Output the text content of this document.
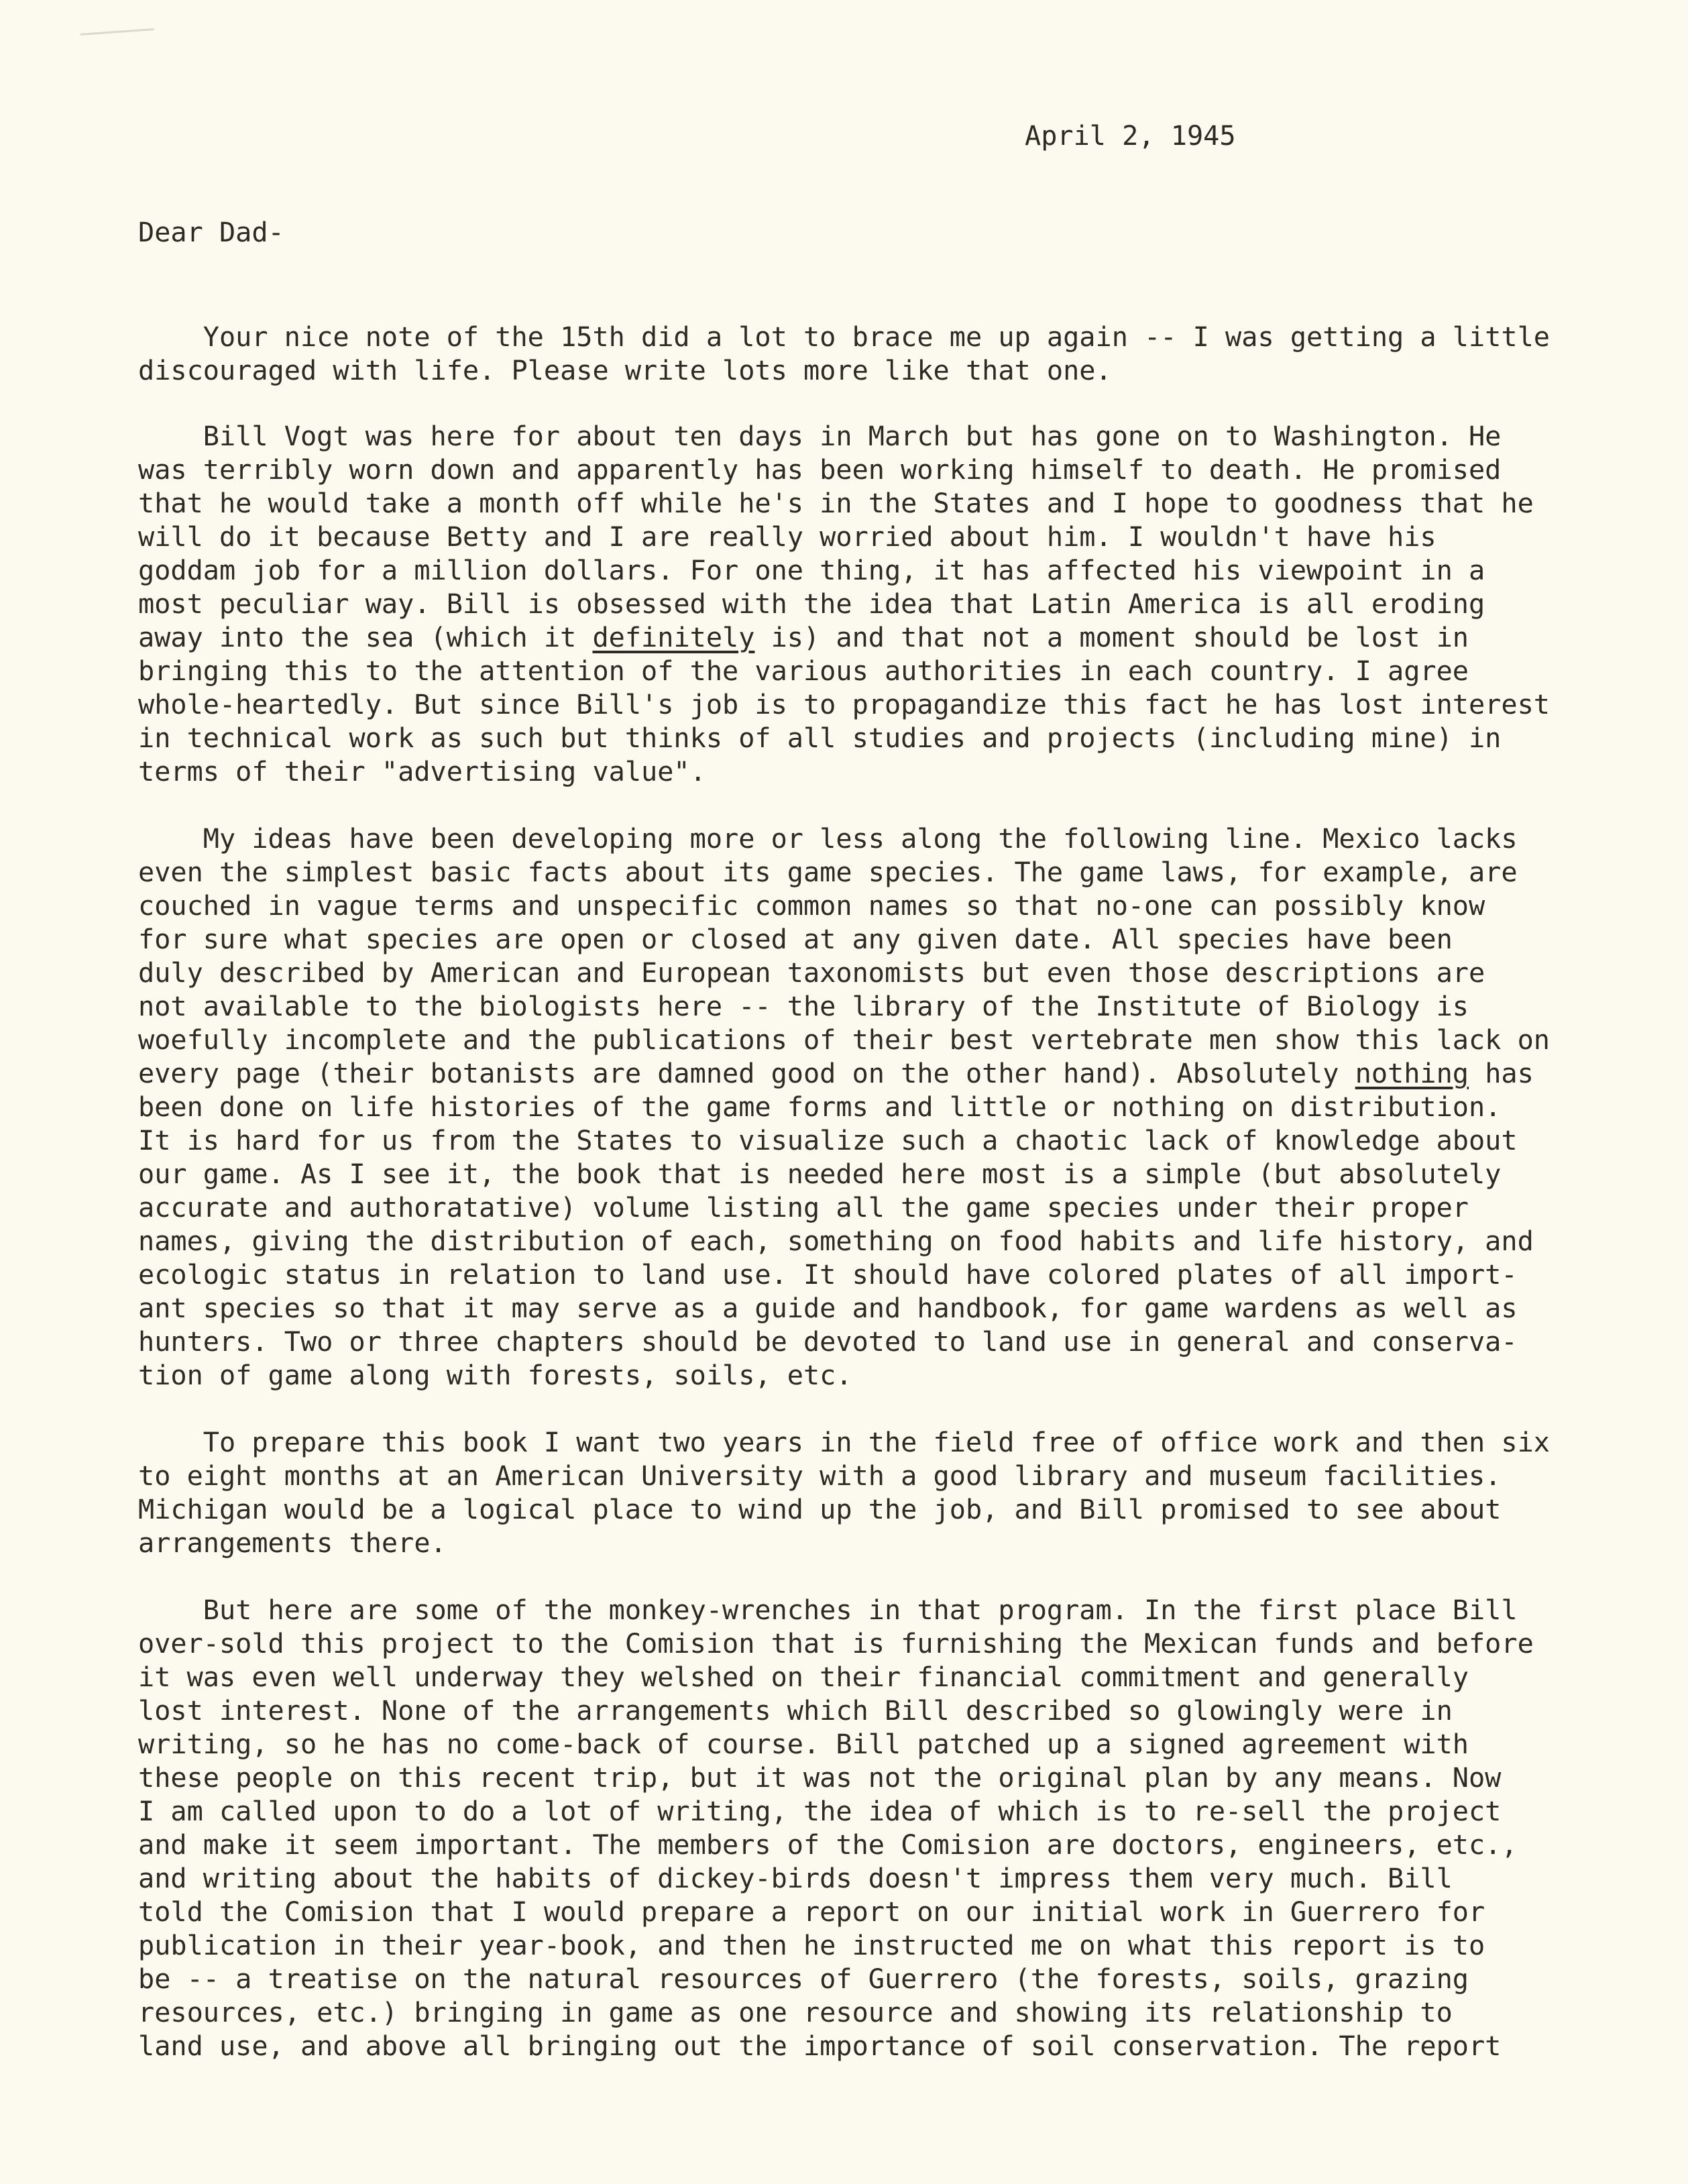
April 2, 1945
Dear Dad-
Your nice note of the 15th did a lot to brace me up again -- I was getting a little
discouraged with life. Please write lots more like that one.
Bill Vogt was here for about ten days in March but has gone on to Washington. He
was terribly worn down and apparently has been working himself to death. He promised
that he would take a month off while he's in the States and I hope to goodness that he
will do it because Betty and I are really worried about him. I wouldn't have his
goddam job for a million dollars. For one thing, it has affected his viewpoint in a
most peculiar way. Bill is obsessed with the idea that Latin America is all eroding
away into the sea (which it definitely is) and that not a moment should be lost in
bringing this to the attention of the various authorities in each country. I agree
whole-heartedly. But since Bill's job is to propagandize this fact he has lost interest
in technical work as such but thinks of all studies and projects (including mine) in
terms of their "advertising value".
My ideas have been developing more or less along the following line. Mexico lacks
even the simplest basic facts about its game species. The game laws, for example, are
couched in vague terms and unspecific common names so that no-one can possibly know
for sure what species are open or closed at any given date. All species have been
duly described by American and European taxonomists but even those descriptions are
not available to the biologists here -- the library of the Institute of Biology is
woefully incomplete and the publications of their best vertebrate men show this lack on
every page (their botanists are damned good on the other hand). Absolutely nothing has
been done on life histories of the game forms and little or nothing on distribution.
It is hard for us from the States to visualize such a chaotic lack of knowledge about
our game. As I see it, the book that is needed here most is a simple (but absolutely
accurate and authoratative) volume listing all the game species under their proper
names, giving the distribution of each, something on food habits and life history, and
ecologic status in relation to land use. It should have colored plates of all import-
ant species so that it may serve as a guide and handbook, for game wardens as well as
hunters. Two or three chapters should be devoted to land use in general and conserva-
tion of game along with forests, soils, etc.
To prepare this book I want two years in the field free of office work and then six
to eight months at an American University with a good library and museum facilities.
Michigan would be a logical place to wind up the job, and Bill promised to see about
arrangements there.
But here are some of the monkey-wrenches in that program. In the first place Bill
over-sold this project to the Comision that is furnishing the Mexican funds and before
it was even well underway they welshed on their financial commitment and generally
lost interest. None of the arrangements which Bill described so glowingly were in
writing, so he has no come-back of course. Bill patched up a signed agreement with
these people on this recent trip, but it was not the original plan by any means. Now
I am called upon to do a lot of writing, the idea of which is to re-sell the project
and make it seem important. The members of the Comision are doctors, engineers, etc.,
and writing about the habits of dickey-birds doesn't impress them very much. Bill
told the Comision that I would prepare a report on our initial work in Guerrero for
publication in their year-book, and then he instructed me on what this report is to
be -- a treatise on the natural resources of Guerrero (the forests, soils, grazing
resources, etc.) bringing in game as one resource and showing its relationship to
land use, and above all bringing out the importance of soil conservation. The report
